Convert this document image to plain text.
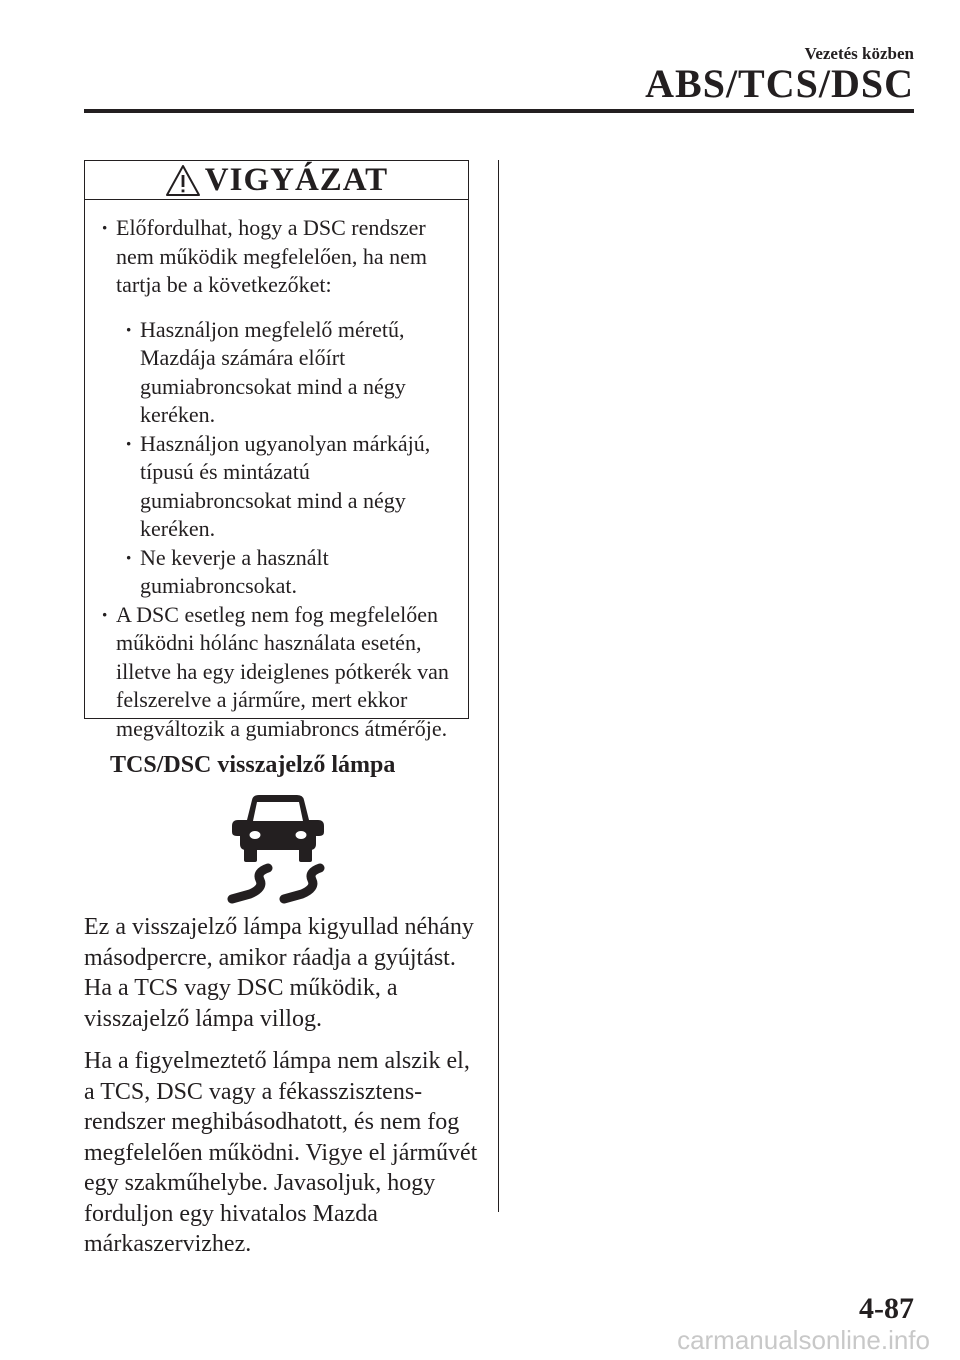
Vezetés közben
ABS/TCS/DSC
VIGYÁZAT
· Előfordulhat, hogy a DSC rendszer nem működik megfelelően, ha nem tartja be a következőket:
· Használjon megfelelő méretű, Mazdája számára előírt gumiabroncsokat mind a négy keréken.
· Használjon ugyanolyan márkájú, típusú és mintázatú gumiabroncsokat mind a négy keréken.
· Ne keverje a használt gumiabroncsokat.
· A DSC esetleg nem fog megfelelően működni hólánc használata esetén, illetve ha egy ideiglenes pótkerék van felszerelve a járműre, mert ekkor megváltozik a gumiabroncs átmérője.
TCS/DSC visszajelző lámpa
Ez a visszajelző lámpa kigyullad néhány másodpercre, amikor ráadja a gyújtást. Ha a TCS vagy DSC működik, a visszajelző lámpa villog.
Ha a figyelmeztető lámpa nem alszik el, a TCS, DSC vagy a fékasszisztens-rendszer meghibásodhatott, és nem fog megfelelően működni. Vigye el járművét egy szakműhelybe. Javasoljuk, hogy forduljon egy hivatalos Mazda márkaszervizhez.
4-87
carmanualsonline.info
